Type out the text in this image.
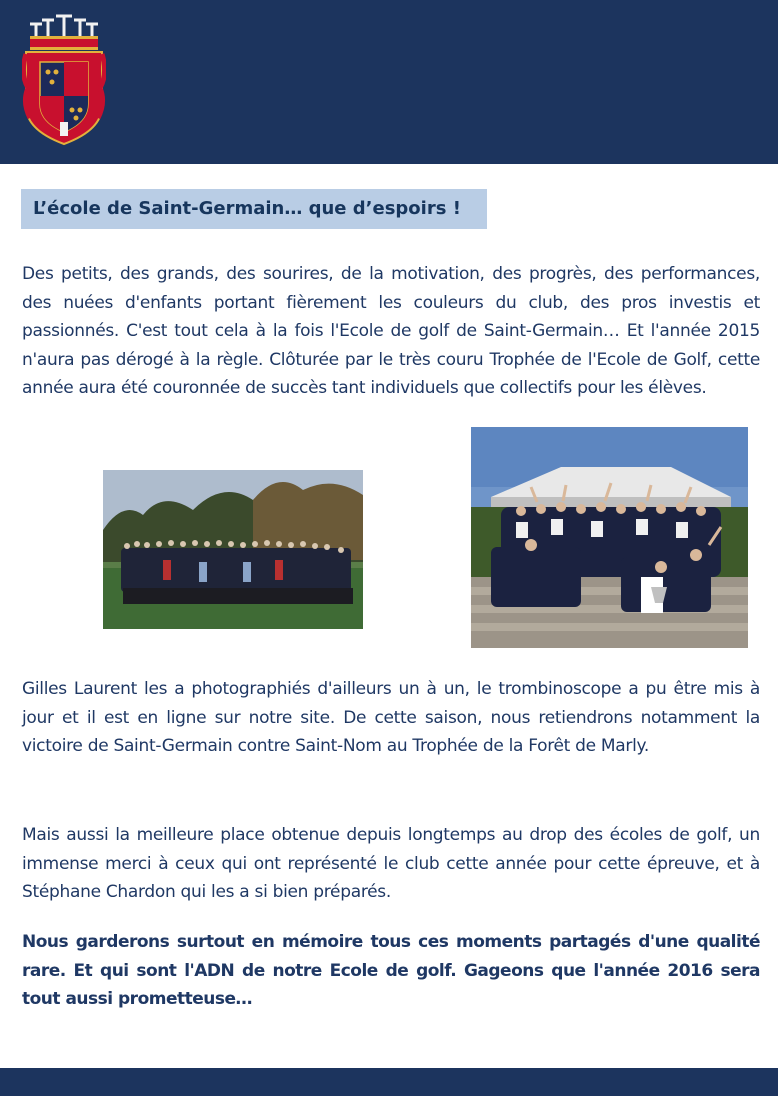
L’école de Saint-Germain… que d’espoirs !

Des petits, des grands, des sourires, de la motivation, des progrès, des performances, des nuées d'enfants portant fièrement les couleurs du club, des pros investis et passionnés. C'est tout cela à la fois l'Ecole de golf de Saint-Germain… Et l'année 2015 n'aura pas dérogé à la règle. Clôturée par le très couru Trophée de l'Ecole de Golf, cette année aura été couronnée de succès tant individuels que collectifs pour les élèves.

Gilles Laurent les a photographiés d'ailleurs un à un, le trombinoscope a pu être mis à jour et il est en ligne sur notre site. De cette saison, nous retiendrons notamment la victoire de Saint-Germain contre Saint-Nom au Trophée de la Forêt de Marly.

Mais aussi la meilleure place obtenue depuis longtemps au drop des écoles de golf, un immense merci à ceux qui ont représenté le club cette année pour cette épreuve, et à Stéphane Chardon qui les a si bien préparés.

Nous garderons surtout en mémoire tous ces moments partagés d'une qualité rare. Et qui sont l'ADN de notre Ecole de golf. Gageons que l'année 2016 sera tout aussi prometteuse…
